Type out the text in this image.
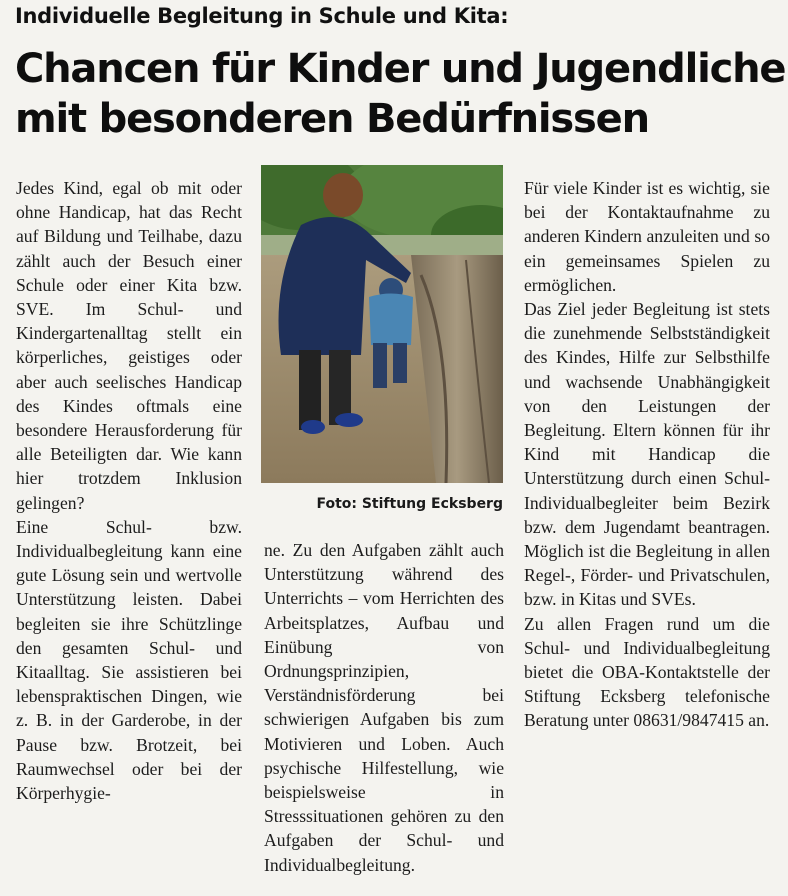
Individuelle Begleitung in Schule und Kita:
Chancen für Kinder und Jugendliche
mit besonderen Bedürfnissen

Jedes Kind, egal ob mit oder ohne Handicap, hat das Recht auf Bildung und Teilhabe, dazu zählt auch der Besuch einer Schule oder einer Kita bzw. SVE. Im Schul- und Kindergartenalltag stellt ein körperliches, geistiges oder aber auch seelisches Handicap des Kindes oftmals eine besondere Herausforderung für alle Beteiligten dar. Wie kann hier trotzdem Inklusion gelingen?

Eine Schul- bzw. Individualbegleitung kann eine gute Lösung sein und wertvolle Unterstützung leisten. Dabei begleiten sie ihre Schützlinge den gesamten Schul- und Kitaalltag. Sie assistieren bei lebenspraktischen Dingen, wie z. B. in der Garderobe, in der Pause bzw. Brotzeit, bei Raumwechsel oder bei der Körperhygie-

Foto: Stiftung Ecksberg

ne. Zu den Aufgaben zählt auch Unterstützung während des Unterrichts – vom Herrichten des Arbeitsplatzes, Aufbau und Einübung von Ordnungsprinzipien, Verständnisförderung bei schwierigen Aufgaben bis zum Motivieren und Loben. Auch psychische Hilfestellung, wie beispielsweise in Stresssituationen gehören zu den Aufgaben der Schul- und Individualbegleitung.

Für viele Kinder ist es wichtig, sie bei der Kontaktaufnahme zu anderen Kindern anzuleiten und so ein gemeinsames Spielen zu ermöglichen.

Das Ziel jeder Begleitung ist stets die zunehmende Selbstständigkeit des Kindes, Hilfe zur Selbsthilfe und wachsende Unabhängigkeit von den Leistungen der Begleitung. Eltern können für ihr Kind mit Handicap die Unterstützung durch einen Schul-Individualbegleiter beim Bezirk bzw. dem Jugendamt beantragen. Möglich ist die Begleitung in allen Regel-, Förder- und Privatschulen, bzw. in Kitas und SVEs.

Zu allen Fragen rund um die Schul- und Individualbegleitung bietet die OBA-Kontaktstelle der Stiftung Ecksberg telefonische Beratung unter 08631/9847415 an.
